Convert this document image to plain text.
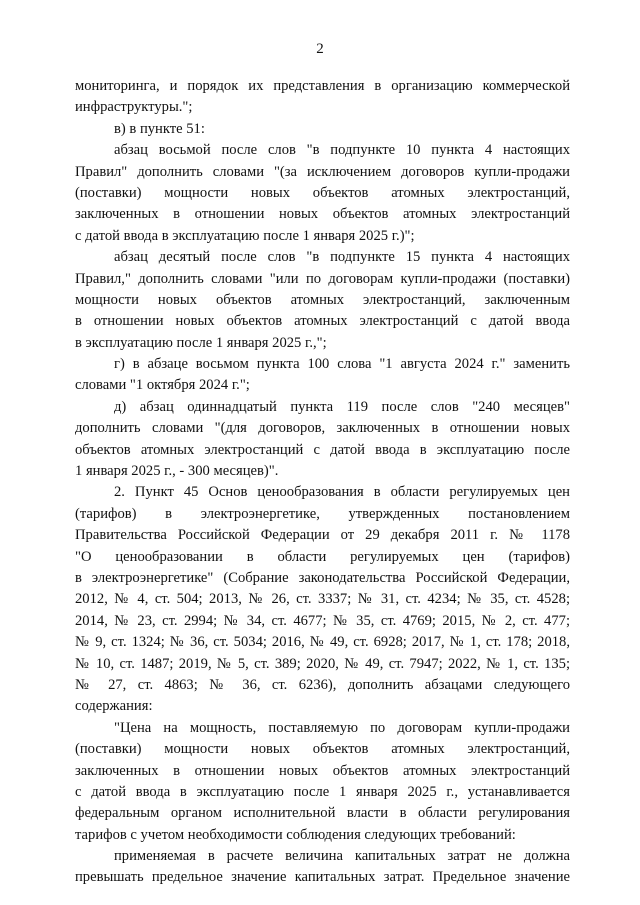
2
мониторинга, и порядок их представления в организацию коммерческой
инфраструктуры.";
в) в пункте 51:
абзац восьмой после слов "в подпункте 10 пункта 4 настоящих
Правил" дополнить словами "(за исключением договоров купли-продажи
(поставки) мощности новых объектов атомных электростанций,
заключенных в отношении новых объектов атомных электростанций
с датой ввода в эксплуатацию после 1 января 2025 г.)";
абзац десятый после слов "в подпункте 15 пункта 4 настоящих
Правил," дополнить словами "или по договорам купли-продажи (поставки)
мощности новых объектов атомных электростанций, заключенным
в отношении новых объектов атомных электростанций с датой ввода
в эксплуатацию после 1 января 2025 г.,";
г) в абзаце восьмом пункта 100 слова "1 августа 2024 г." заменить
словами "1 октября 2024 г.";
д) абзац одиннадцатый пункта 119 после слов "240 месяцев"
дополнить словами "(для договоров, заключенных в отношении новых
объектов атомных электростанций с датой ввода в эксплуатацию после
1 января 2025 г., - 300 месяцев)".
2. Пункт 45 Основ ценообразования в области регулируемых цен
(тарифов) в электроэнергетике, утвержденных постановлением
Правительства Российской Федерации от 29 декабря 2011 г. № 1178
"О ценообразовании в области регулируемых цен (тарифов)
в электроэнергетике" (Собрание законодательства Российской Федерации,
2012, № 4, ст. 504; 2013, № 26, ст. 3337; № 31, ст. 4234; № 35, ст. 4528;
2014, № 23, ст. 2994; № 34, ст. 4677; № 35, ст. 4769; 2015, № 2, ст. 477;
№ 9, ст. 1324; № 36, ст. 5034; 2016, № 49, ст. 6928; 2017, № 1, ст. 178; 2018,
№ 10, ст. 1487; 2019, № 5, ст. 389; 2020, № 49, ст. 7947; 2022, № 1, ст. 135;
№ 27, ст. 4863; № 36, ст. 6236), дополнить абзацами следующего
содержания:
"Цена на мощность, поставляемую по договорам купли-продажи
(поставки) мощности новых объектов атомных электростанций,
заключенных в отношении новых объектов атомных электростанций
с датой ввода в эксплуатацию после 1 января 2025 г., устанавливается
федеральным органом исполнительной власти в области регулирования
тарифов с учетом необходимости соблюдения следующих требований:
применяемая в расчете величина капитальных затрат не должна
превышать предельное значение капитальных затрат. Предельное значение
